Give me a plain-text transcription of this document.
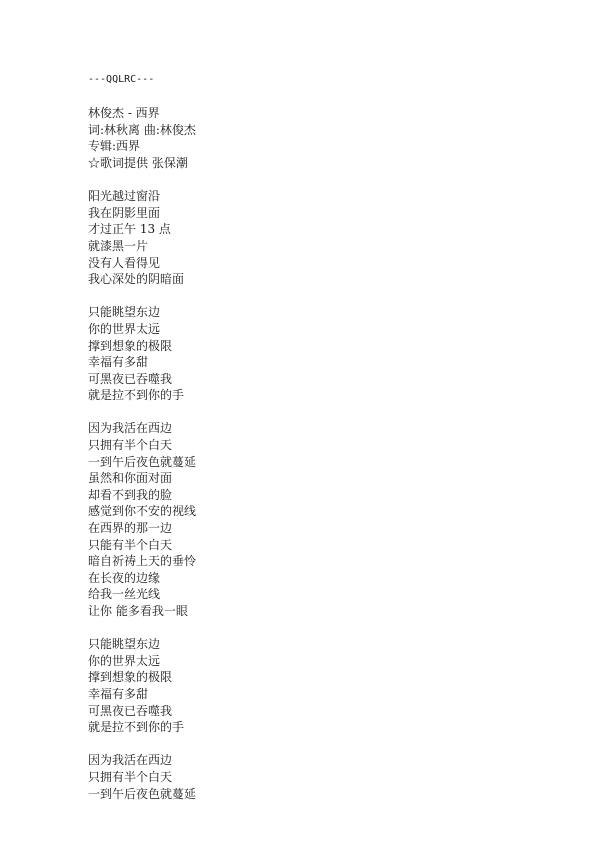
---QQLRC---
林俊杰 - 西界
词:林秋离 曲:林俊杰
专辑:西界
☆歌词提供 张保潮
阳光越过窗沿
我在阴影里面
才过正午 13 点
就漆黑一片
没有人看得见
我心深处的阴暗面
只能眺望东边
你的世界太远
撑到想象的极限
幸福有多甜
可黑夜已吞噬我
就是拉不到你的手
因为我活在西边
只拥有半个白天
一到午后夜色就蔓延
虽然和你面对面
却看不到我的脸
感觉到你不安的视线
在西界的那一边
只能有半个白天
暗自祈祷上天的垂怜
在长夜的边缘
给我一丝光线
让你 能多看我一眼
只能眺望东边
你的世界太远
撑到想象的极限
幸福有多甜
可黑夜已吞噬我
就是拉不到你的手
因为我活在西边
只拥有半个白天
一到午后夜色就蔓延
